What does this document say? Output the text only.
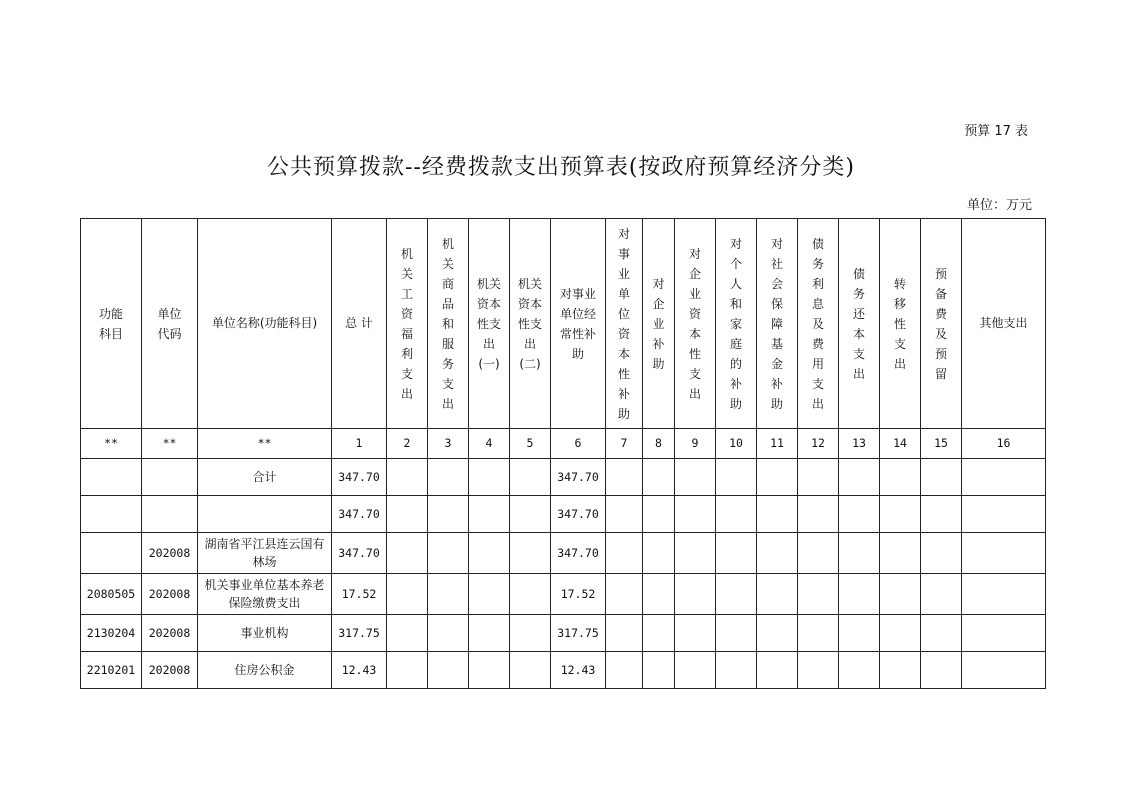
预算 17 表
公共预算拨款--经费拨款支出预算表(按政府预算经济分类)
单位：万元
功能科目	单位代码	单位名称(功能科目)	总 计	机关工资福利支出	机关商品和服务支出	机关资本性支出(一)	机关资本性支出(二)	对事业单位经常性补助	对事业单位资本性补助	对企业补助	对企业资本性支出	对个人和家庭的补助	对社会保障基金补助	债务利息及费用支出	债务还本支出	转移性支出	预备费及预留	其他支出
**	**	**	1	2	3	4	5	6	7	8	9	10	11	12	13	14	15	16
		合计	347.70					347.70										
			347.70					347.70										
	202008	湖南省平江县连云国有林场	347.70					347.70										
2080505	202008	机关事业单位基本养老保险缴费支出	17.52					17.52										
2130204	202008	事业机构	317.75					317.75										
2210201	202008	住房公积金	12.43					12.43										
